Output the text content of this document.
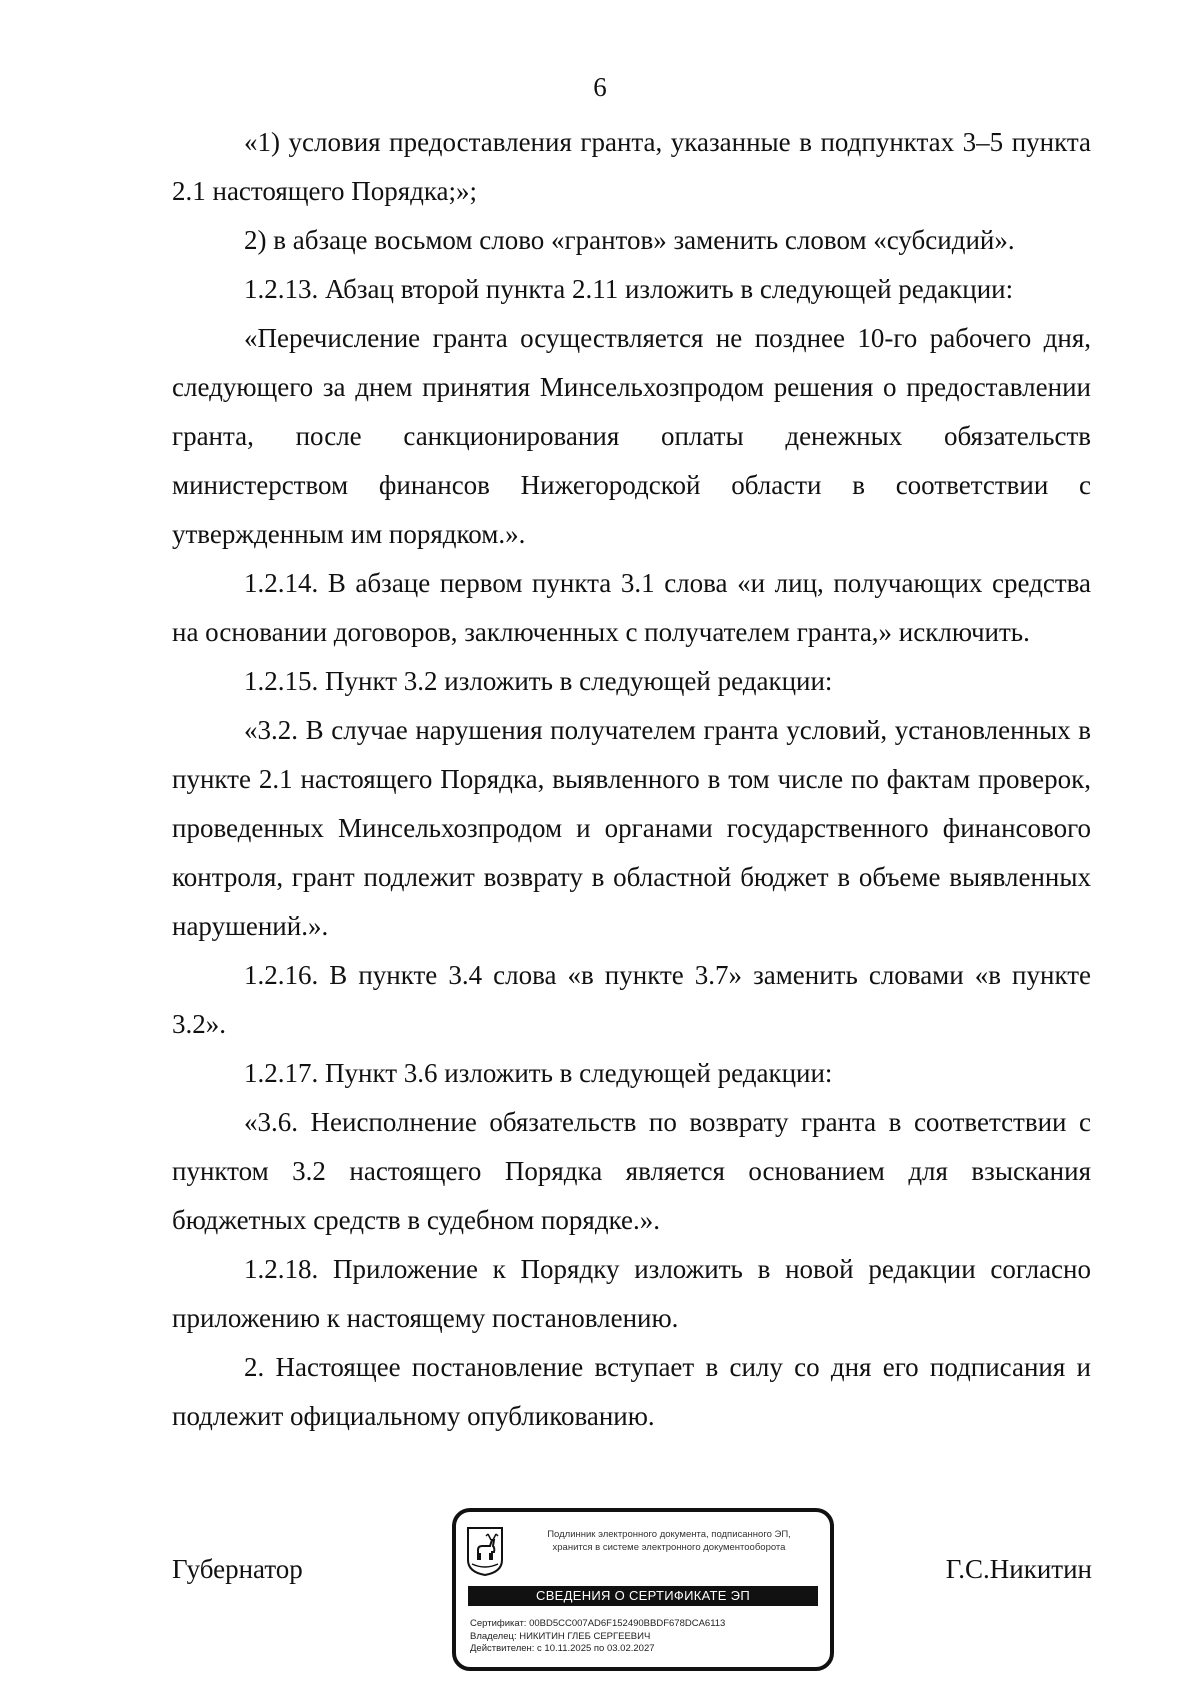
6

«1) условия предоставления гранта, указанные в подпунктах 3–5 пункта 2.1 настоящего Порядка;»;

2) в абзаце восьмом слово «грантов» заменить словом «субсидий».

1.2.13. Абзац второй пункта 2.11 изложить в следующей редакции:

«Перечисление гранта осуществляется не позднее 10-го рабочего дня, следующего за днем принятия Минсельхозпродом решения о предоставлении гранта, после санкционирования оплаты денежных обязательств министерством финансов Нижегородской области в соответствии с утвержденным им порядком.».

1.2.14. В абзаце первом пункта 3.1 слова «и лиц, получающих средства на основании договоров, заключенных с получателем гранта,» исключить.

1.2.15. Пункт 3.2 изложить в следующей редакции:

«3.2. В случае нарушения получателем гранта условий, установленных в пункте 2.1 настоящего Порядка, выявленного в том числе по фактам проверок, проведенных Минсельхозпродом и органами государственного финансового контроля, грант подлежит возврату в областной бюджет в объеме выявленных нарушений.».

1.2.16. В пункте 3.4 слова «в пункте 3.7» заменить словами «в пункте 3.2».

1.2.17. Пункт 3.6 изложить в следующей редакции:

«3.6. Неисполнение обязательств по возврату гранта в соответствии с пунктом 3.2 настоящего Порядка является основанием для взыскания бюджетных средств в судебном порядке.».

1.2.18. Приложение к Порядку изложить в новой редакции согласно приложению к настоящему постановлению.

2. Настоящее постановление вступает в силу со дня его подписания и подлежит официальному опубликованию.

Губернатор
Подлинник электронного документа, подписанного ЭП,
хранится в системе электронного документооборота
СВЕДЕНИЯ О СЕРТИФИКАТЕ ЭП
Сертификат: 00BD5CC007AD6F152490BBDF678DCA6113
Владелец: НИКИТИН ГЛЕБ СЕРГЕЕВИЧ
Действителен: с 10.11.2025 по 03.02.2027
Г.С.Никитин
